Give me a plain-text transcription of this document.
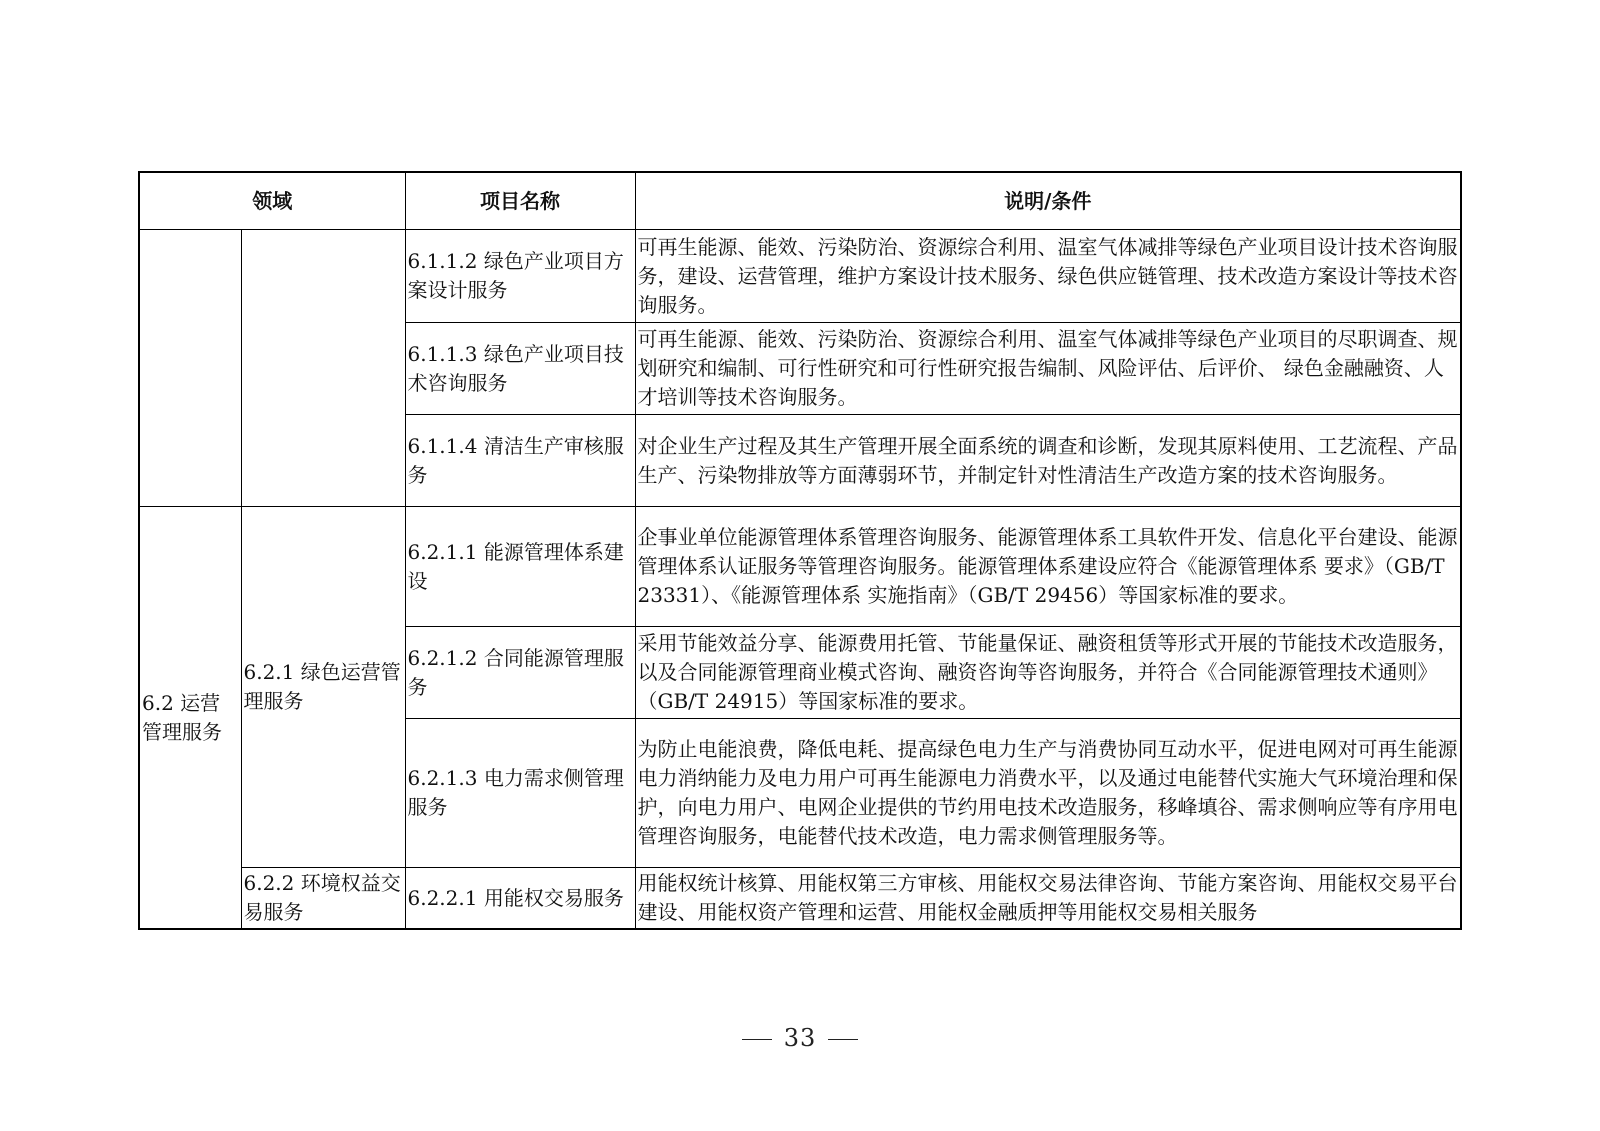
领域		项目名称	说明/条件
		6.1.1.2 绿色产业项目方案设计服务	可再生能源、能效、污染防治、资源综合利用、温室气体减排等绿色产业项目设计技术咨询服务，建设、运营管理，维护方案设计技术服务、绿色供应链管理、技术改造方案设计等技术咨询服务。
		6.1.1.3 绿色产业项目技术咨询服务	可再生能源、能效、污染防治、资源综合利用、温室气体减排等绿色产业项目的尽职调查、规划研究和编制、可行性研究和可行性研究报告编制、风险评估、后评价、 绿色金融融资、人才培训等技术咨询服务。
		6.1.1.4 清洁生产审核服务	对企业生产过程及其生产管理开展全面系统的调查和诊断，发现其原料使用、工艺流程、产品生产、污染物排放等方面薄弱环节，并制定针对性清洁生产改造方案的技术咨询服务。
6.2 运营管理服务	6.2.1 绿色运营管理服务	6.2.1.1 能源管理体系建设	企事业单位能源管理体系管理咨询服务、能源管理体系工具软件开发、信息化平台建设、能源管理体系认证服务等管理咨询服务。能源管理体系建设应符合《能源管理体系 要求》（GB/T 23331）、《能源管理体系 实施指南》（GB/T 29456）等国家标准的要求。
		6.2.1.2 合同能源管理服务	采用节能效益分享、能源费用托管、节能量保证、融资租赁等形式开展的节能技术改造服务，以及合同能源管理商业模式咨询、融资咨询等咨询服务，并符合《合同能源管理技术通则》（GB/T 24915）等国家标准的要求。
		6.2.1.3 电力需求侧管理服务	为防止电能浪费，降低电耗、提高绿色电力生产与消费协同互动水平，促进电网对可再生能源电力消纳能力及电力用户可再生能源电力消费水平，以及通过电能替代实施大气环境治理和保护，向电力用户、电网企业提供的节约用电技术改造服务，移峰填谷、需求侧响应等有序用电管理咨询服务，电能替代技术改造，电力需求侧管理服务等。
	6.2.2 环境权益交易服务	6.2.2.1 用能权交易服务	用能权统计核算、用能权第三方审核、用能权交易法律咨询、节能方案咨询、用能权交易平台建设、用能权资产管理和运营、用能权金融质押等用能权交易相关服务
33
